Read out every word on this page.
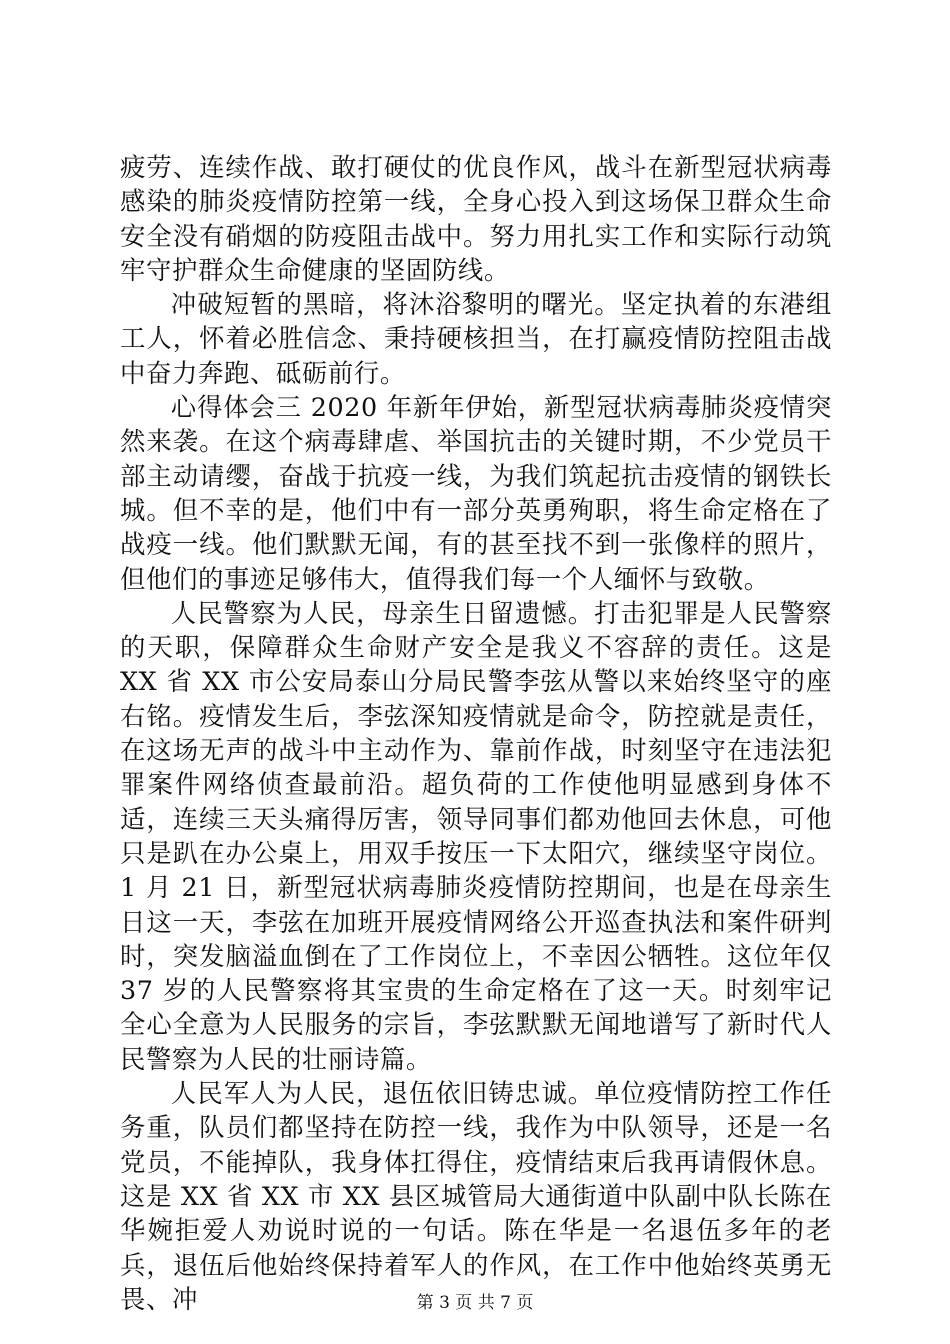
疲劳、连续作战、敢打硬仗的优良作风，战斗在新型冠状病毒感染的肺炎疫情防控第一线，全身心投入到这场保卫群众生命安全没有硝烟的防疫阻击战中。努力用扎实工作和实际行动筑牢守护群众生命健康的坚固防线。

冲破短暂的黑暗，将沐浴黎明的曙光。坚定执着的东港组工人，怀着必胜信念、秉持硬核担当，在打赢疫情防控阻击战中奋力奔跑、砥砺前行。

心得体会三 2020 年新年伊始，新型冠状病毒肺炎疫情突然来袭。在这个病毒肆虐、举国抗击的关键时期，不少党员干部主动请缨，奋战于抗疫一线，为我们筑起抗击疫情的钢铁长城。但不幸的是，他们中有一部分英勇殉职，将生命定格在了战疫一线。他们默默无闻，有的甚至找不到一张像样的照片，但他们的事迹足够伟大，值得我们每一个人缅怀与致敬。

人民警察为人民，母亲生日留遗憾。打击犯罪是人民警察的天职，保障群众生命财产安全是我义不容辞的责任。这是 XX 省 XX 市公安局泰山分局民警李弦从警以来始终坚守的座右铭。疫情发生后，李弦深知疫情就是命令，防控就是责任，在这场无声的战斗中主动作为、靠前作战，时刻坚守在违法犯罪案件网络侦查最前沿。超负荷的工作使他明显感到身体不适，连续三天头痛得厉害，领导同事们都劝他回去休息，可他只是趴在办公桌上，用双手按压一下太阳穴，继续坚守岗位。1 月 21 日，新型冠状病毒肺炎疫情防控期间，也是在母亲生日这一天，李弦在加班开展疫情网络公开巡查执法和案件研判时，突发脑溢血倒在了工作岗位上，不幸因公牺牲。这位年仅 37 岁的人民警察将其宝贵的生命定格在了这一天。时刻牢记全心全意为人民服务的宗旨，李弦默默无闻地谱写了新时代人民警察为人民的壮丽诗篇。

人民军人为人民，退伍依旧铸忠诚。单位疫情防控工作任务重，队员们都坚持在防控一线，我作为中队领导，还是一名党员，不能掉队，我身体扛得住，疫情结束后我再请假休息。这是 XX 省 XX 市 XX 县区城管局大通街道中队副中队长陈在华婉拒爱人劝说时说的一句话。陈在华是一名退伍多年的老兵，退伍后他始终保持着军人的作风，在工作中他始终英勇无畏、冲	第 3 页 共 7 页
